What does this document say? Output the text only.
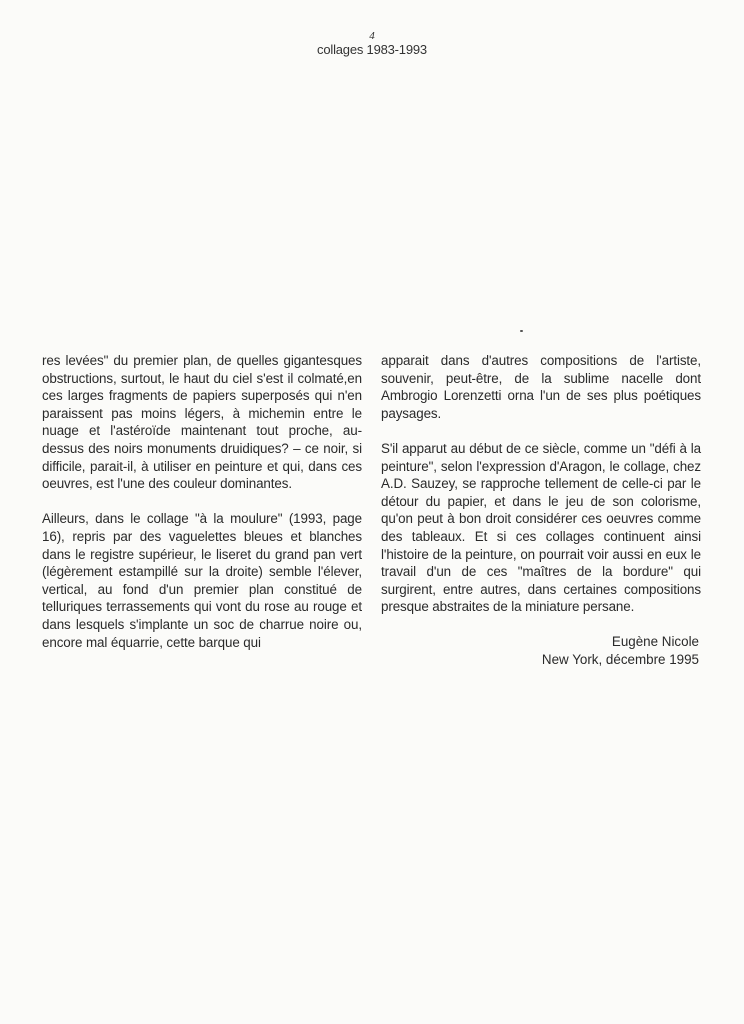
4
collages 1983-1993

res levées" du premier plan, de quelles gigantesques obstructions, surtout, le haut du ciel s'est il colmaté,en ces larges fragments de papiers superposés qui n'en paraissent pas moins légers, à michemin entre le nuage et l'astéroïde maintenant tout proche, au-dessus des noirs monuments druidiques? – ce noir, si difficile, parait-il, à utiliser en peinture et qui, dans ces oeuvres, est l'une des couleur dominantes.

Ailleurs, dans le collage "à la moulure" (1993, page 16), repris par des vaguelettes bleues et blanches dans le registre supérieur, le liseret du grand pan vert (légèrement estampillé sur la droite) semble l'élever, vertical, au fond d'un premier plan constitué de telluriques terrassements qui vont du rose au rouge et dans lesquels s'implante un soc de charrue noire ou, encore mal équarrie, cette barque qui

apparait dans d'autres compositions de l'artiste, souvenir, peut-être, de la sublime nacelle dont Ambrogio Lorenzetti orna l'un de ses plus poétiques paysages.

S'il apparut au début de ce siècle, comme un "défi à la peinture", selon l'expression d'Aragon, le collage, chez A.D. Sauzey, se rapproche tellement de celle-ci par le détour du papier, et dans le jeu de son colorisme, qu'on peut à bon droit considérer ces oeuvres comme des tableaux. Et si ces collages continuent ainsi l'histoire de la peinture, on pourrait voir aussi en eux le travail d'un de ces "maîtres de la bordure" qui surgirent, entre autres, dans certaines compositions presque abstraites de la miniature persane.

Eugène Nicole
New York, décembre 1995
